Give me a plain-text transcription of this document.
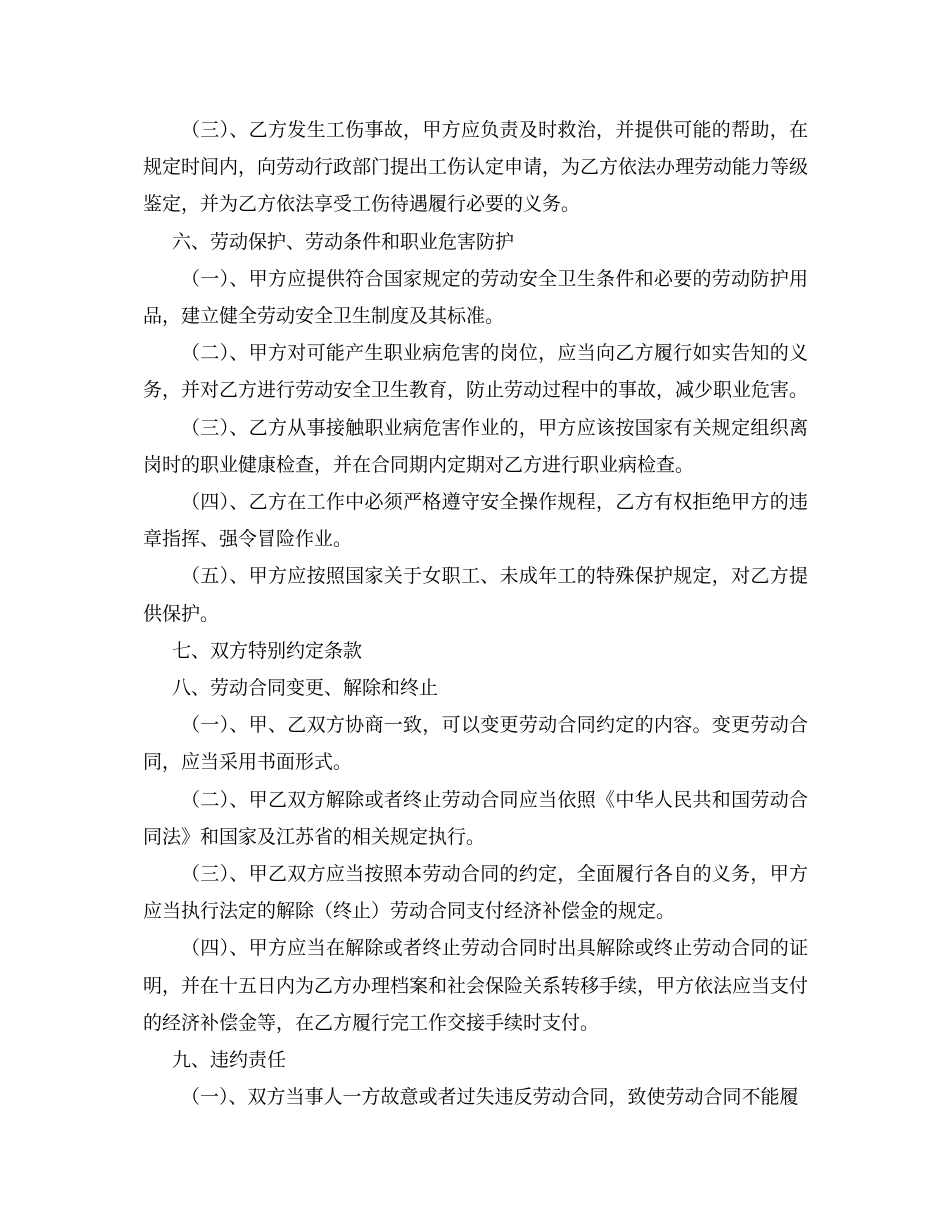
（三）、乙方发生工伤事故，甲方应负责及时救治，并提供可能的帮助，在规定时间内，向劳动行政部门提出工伤认定申请，为乙方依法办理劳动能力等级鉴定，并为乙方依法享受工伤待遇履行必要的义务。

六、劳动保护、劳动条件和职业危害防护

（一）、甲方应提供符合国家规定的劳动安全卫生条件和必要的劳动防护用品，建立健全劳动安全卫生制度及其标准。

（二）、甲方对可能产生职业病危害的岗位，应当向乙方履行如实告知的义务，并对乙方进行劳动安全卫生教育，防止劳动过程中的事故，减少职业危害。

（三）、乙方从事接触职业病危害作业的，甲方应该按国家有关规定组织离岗时的职业健康检查，并在合同期内定期对乙方进行职业病检查。

（四）、乙方在工作中必须严格遵守安全操作规程，乙方有权拒绝甲方的违章指挥、强令冒险作业。

（五）、甲方应按照国家关于女职工、未成年工的特殊保护规定，对乙方提供保护。

七、双方特别约定条款

八、劳动合同变更、解除和终止

（一）、甲、乙双方协商一致，可以变更劳动合同约定的内容。变更劳动合同，应当采用书面形式。

（二）、甲乙双方解除或者终止劳动合同应当依照《中华人民共和国劳动合同法》和国家及江苏省的相关规定执行。

（三）、甲乙双方应当按照本劳动合同的约定，全面履行各自的义务，甲方应当执行法定的解除（终止）劳动合同支付经济补偿金的规定。

（四）、甲方应当在解除或者终止劳动合同时出具解除或终止劳动合同的证明，并在十五日内为乙方办理档案和社会保险关系转移手续，甲方依法应当支付的经济补偿金等，在乙方履行完工作交接手续时支付。

九、违约责任

（一）、双方当事人一方故意或者过失违反劳动合同，致使劳动合同不能履
